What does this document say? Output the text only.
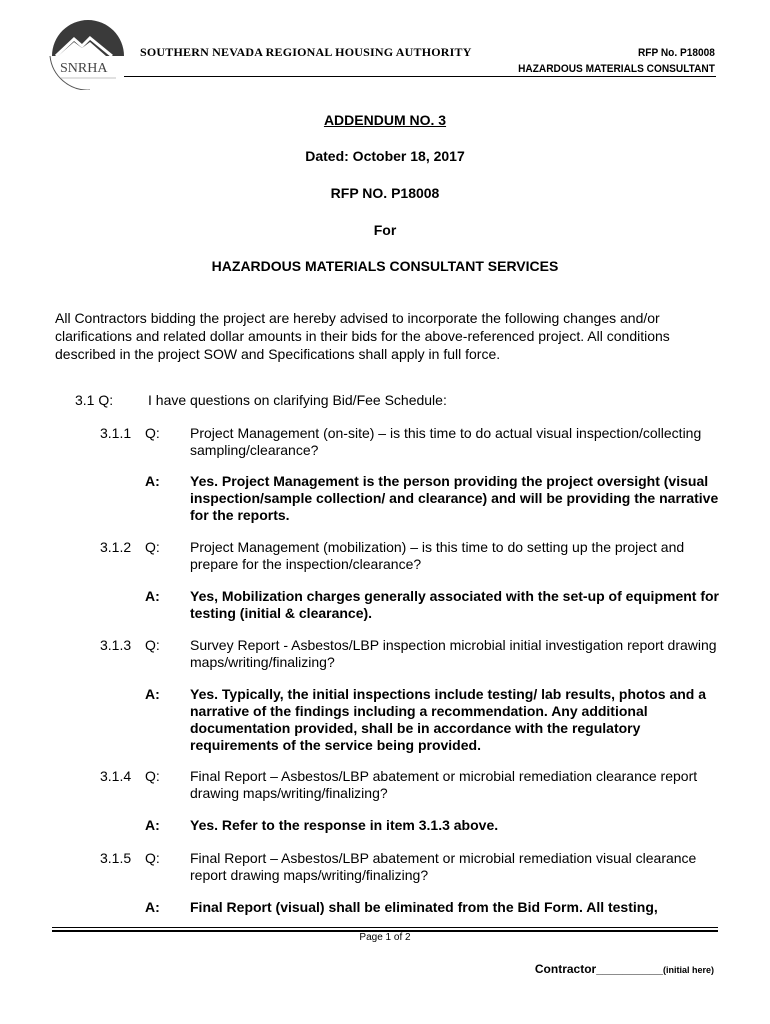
SNRHA
SOUTHERN NEVADA REGIONAL HOUSING AUTHORITY	RFP No. P18008
HAZARDOUS MATERIALS CONSULTANT
ADDENDUM NO. 3
Dated: October 18, 2017
RFP NO. P18008
For
HAZARDOUS MATERIALS CONSULTANT SERVICES
All Contractors bidding the project are hereby advised to incorporate the following changes and/or clarifications and related dollar amounts in their bids for the above-referenced project. All conditions described in the project SOW and Specifications shall apply in full force.
3.1 Q: I have questions on clarifying Bid/Fee Schedule:
3.1.1 Q: Project Management (on-site) – is this time to do actual visual inspection/collecting sampling/clearance?
A: Yes. Project Management is the person providing the project oversight (visual inspection/sample collection/ and clearance) and will be providing the narrative for the reports.
3.1.2 Q: Project Management (mobilization) – is this time to do setting up the project and prepare for the inspection/clearance?
A: Yes, Mobilization charges generally associated with the set-up of equipment for testing (initial & clearance).
3.1.3 Q: Survey Report - Asbestos/LBP inspection microbial initial investigation report drawing maps/writing/finalizing?
A: Yes. Typically, the initial inspections include testing/ lab results, photos and a narrative of the findings including a recommendation. Any additional documentation provided, shall be in accordance with the regulatory requirements of the service being provided.
3.1.4 Q: Final Report – Asbestos/LBP abatement or microbial remediation clearance report drawing maps/writing/finalizing?
A: Yes. Refer to the response in item 3.1.3 above.
3.1.5 Q: Final Report – Asbestos/LBP abatement or microbial remediation visual clearance report drawing maps/writing/finalizing?
A: Final Report (visual) shall be eliminated from the Bid Form. All testing,
Page 1 of 2
Contractor__________(initial here)
